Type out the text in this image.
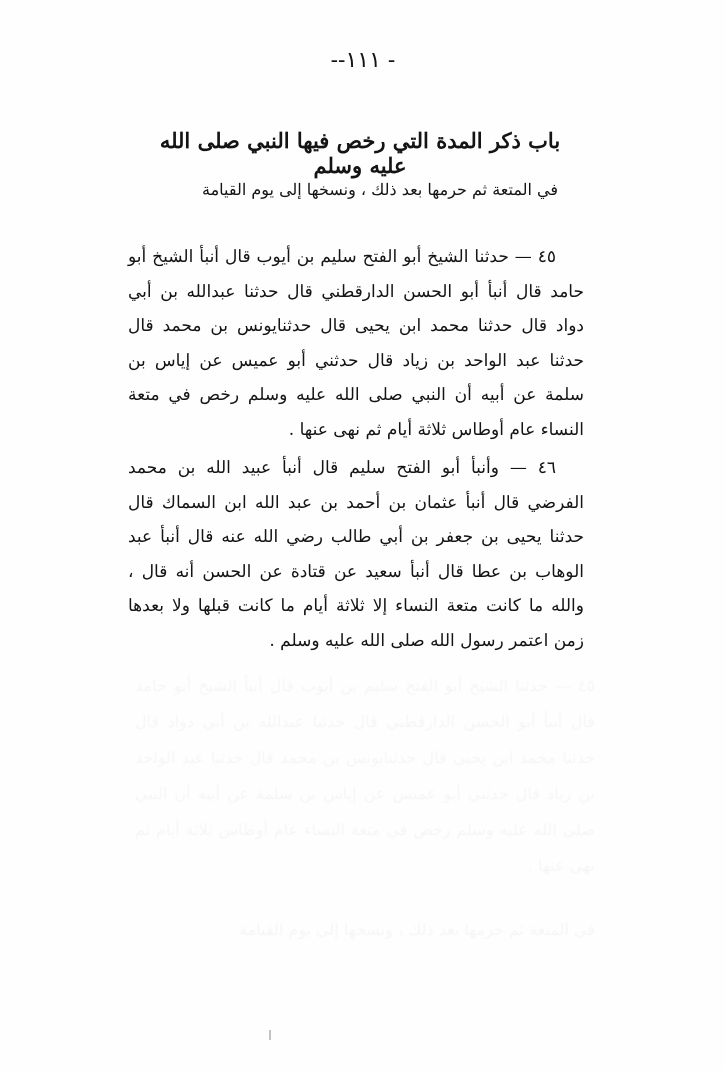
--١١١ -
باب ذكر المدة التي رخص فيها النبي صلى الله عليه وسلم
في المتعة ثم حرمها بعد ذلك ، ونسخها إلى يوم القيامة

٤٥ — حدثنا الشيخ أبو الفتح سليم بن أيوب قال أنبأ الشيخ أبو حامد قال أنبأ أبو الحسن الدارقطني قال حدثنا عبدالله بن أبي دواد قال حدثنا محمد ابن يحيى قال حدثنايونس بن محمد قال حدثنا عبد الواحد بن زياد قال حدثني أبو عميس عن إياس بن سلمة عن أبيه أن النبي صلى الله عليه وسلم رخص في متعة النساء عام أوطاس ثلاثة أيام ثم نهى عنها .

٤٦ — وأنبأ أبو الفتح سليم قال أنبأ عبيد الله بن محمد الفرضي قال أنبأ عثمان بن أحمد بن عبد الله ابن السماك قال حدثنا يحيى بن جعفر بن أبي طالب رضي الله عنه قال أنبأ عبد الوهاب بن عطا قال أنبأ سعيد عن قتادة عن الحسن أنه قال ، والله ما كانت متعة النساء إلا ثلاثة أيام ما كانت قبلها ولا بعدها زمن اعتمر رسول الله صلى الله عليه وسلم .
